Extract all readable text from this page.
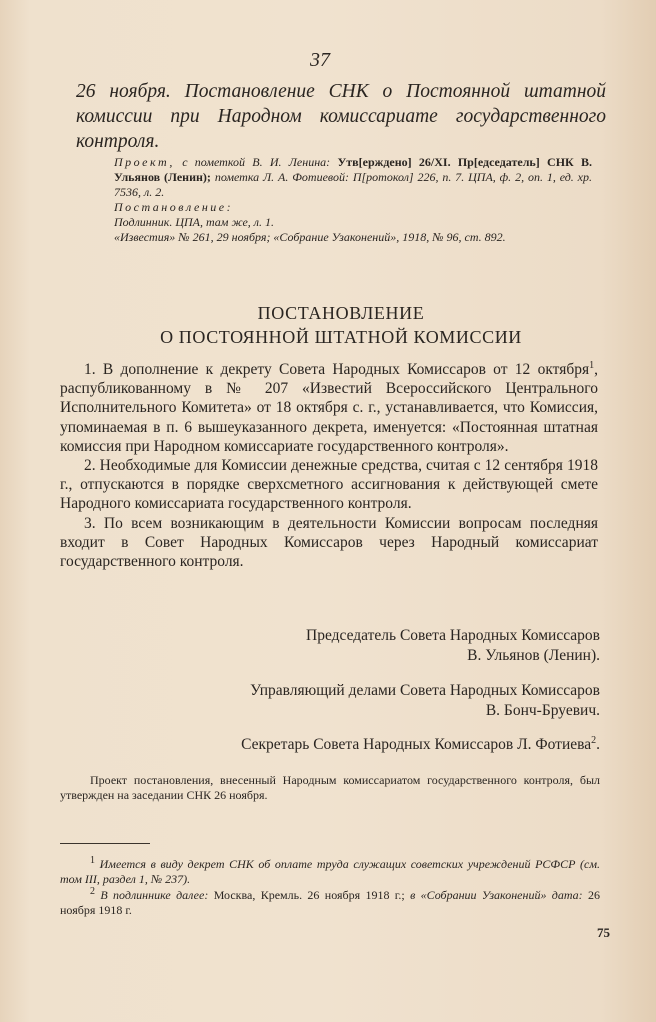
37
26 ноября. Постановление СНК о Постоянной штатной комиссии при Народном комиссариате государственного контроля.

Проект, с пометкой В. И. Ленина: Утв[ерждено] 26/XI. Пр[едседатель] СНК В. Ульянов (Ленин); пометка Л. А. Фотиевой: П[ротокол] 226, п. 7. ЦПА, ф. 2, оп. 1, ед. хр. 7536, л. 2.

Постановление:

Подлинник. ЦПА, там же, л. 1.

«Известия» № 261, 29 ноября; «Собрание Узаконений», 1918, № 96, ст. 892.

ПОСТАНОВЛЕНИЕ
О ПОСТОЯННОЙ ШТАТНОЙ КОМИССИИ

1. В дополнение к декрету Совета Народных Комиссаров от 12 октября$^1$, распубликованному в № 207 «Известий Всероссийского Центрального Исполнительного Комитета» от 18 октября с. г., устанавливается, что Комиссия, упоминаемая в п. 6 вышеуказанного декрета, именуется: «Постоянная штатная комиссия при Народном комиссариате государственного контроля».

2. Необходимые для Комиссии денежные средства, считая с 12 сентября 1918 г., отпускаются в порядке сверхсметного ассигнования к действующей смете Народного комиссариата государственного контроля.

3. По всем возникающим в деятельности Комиссии вопросам последняя входит в Совет Народных Комиссаров через Народный комиссариат государственного контроля.

Председатель Совета Народных Комиссаров
В. Ульянов (Ленин).
Управляющий делами Совета Народных Комиссаров
В. Бонч-Бруевич.
Секретарь Совета Народных Комиссаров Л. Фотиева$^2$.
Проект постановления, внесенный Народным комиссариатом государственного контроля, был утвержден на заседании СНК 26 ноября.

$^1$ Имеется в виду декрет СНК об оплате труда служащих советских учреждений РСФСР (см. том III, раздел 1, № 237).

$^2$ В подлиннике далее: Москва, Кремль. 26 ноября 1918 г.; в «Собрании Узаконений» дата: 26 ноября 1918 г.

75
